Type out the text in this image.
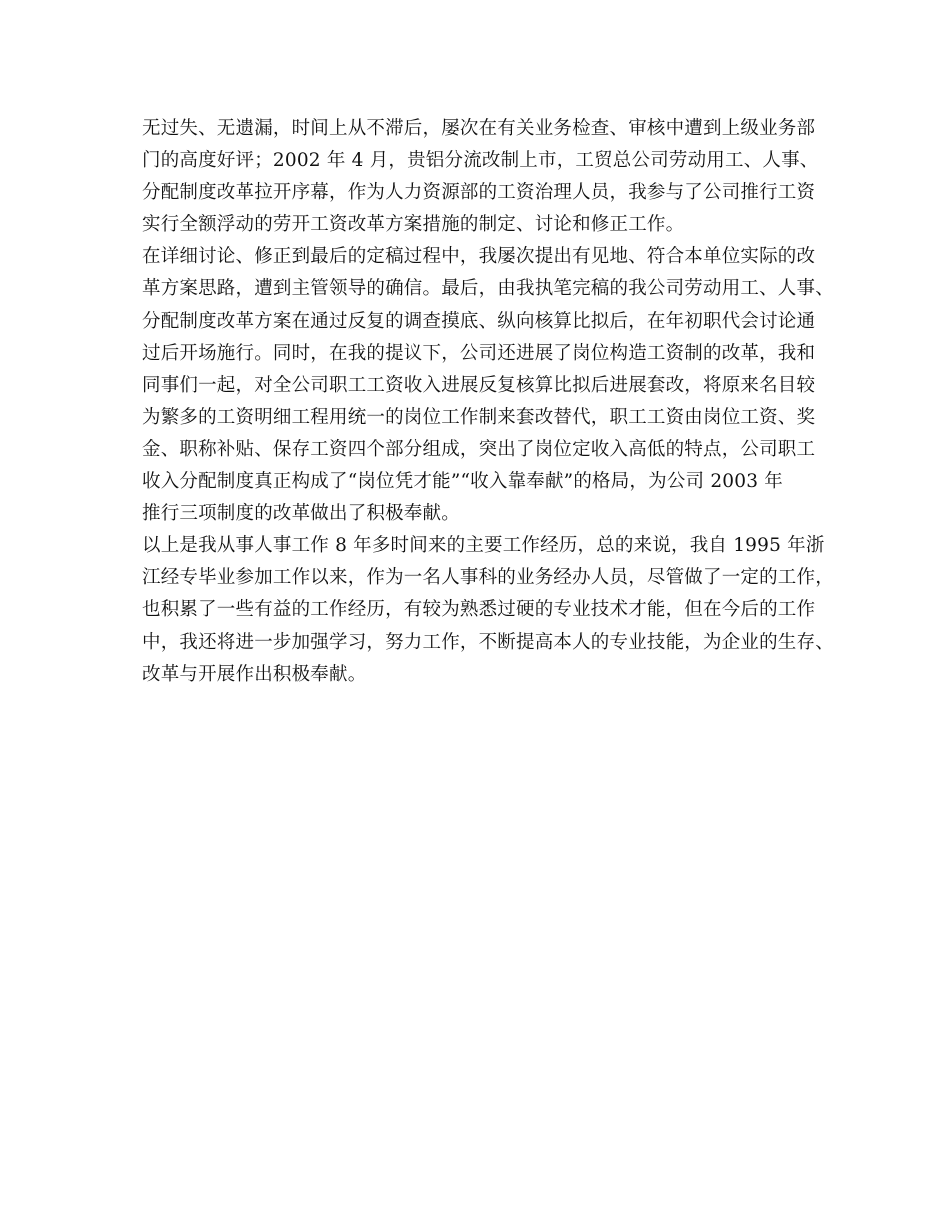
无过失、无遗漏，时间上从不滞后，屡次在有关业务检查、审核中遭到上级业务部
门的高度好评；2002 年 4 月，贵铝分流改制上市，工贸总公司劳动用工、人事、
分配制度改革拉开序幕，作为人力资源部的工资治理人员，我参与了公司推行工资
实行全额浮动的劳开工资改革方案措施的制定、讨论和修正工作。
在详细讨论、修正到最后的定稿过程中，我屡次提出有见地、符合本单位实际的改
革方案思路，遭到主管领导的确信。最后，由我执笔完稿的我公司劳动用工、人事、
分配制度改革方案在通过反复的调查摸底、纵向核算比拟后，在年初职代会讨论通
过后开场施行。同时，在我的提议下，公司还进展了岗位构造工资制的改革，我和
同事们一起，对全公司职工工资收入进展反复核算比拟后进展套改，将原来名目较
为繁多的工资明细工程用统一的岗位工作制来套改替代，职工工资由岗位工资、奖
金、职称补贴、保存工资四个部分组成，突出了岗位定收入高低的特点，公司职工
收入分配制度真正构成了“岗位凭才能”“收入靠奉献”的格局，为公司 2003 年
推行三项制度的改革做出了积极奉献。
以上是我从事人事工作 8 年多时间来的主要工作经历，总的来说，我自 1995 年浙
江经专毕业参加工作以来，作为一名人事科的业务经办人员，尽管做了一定的工作，
也积累了一些有益的工作经历，有较为熟悉过硬的专业技术才能，但在今后的工作
中，我还将进一步加强学习，努力工作，不断提高本人的专业技能，为企业的生存、
改革与开展作出积极奉献。
